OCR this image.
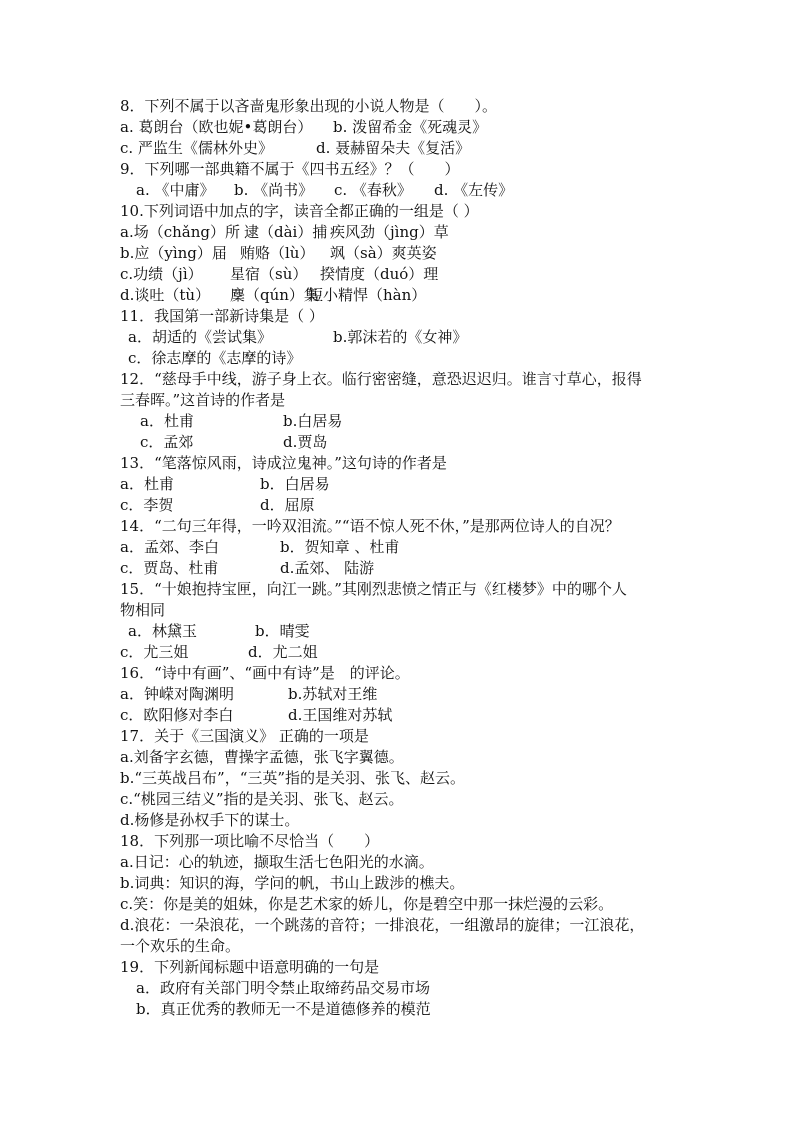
8．下列不属于以吝啬鬼形象出现的小说人物是（　　）。
a. 葛朗台（欧也妮•葛朗台） b. 泼留希金《死魂灵》
c. 严监生《儒林外史》	d. 聂赫留朵夫《复活》
9．下列哪一部典籍不属于《四书五经》？（　　）
a. 《中庸》 b. 《尚书》 c. 《春秋》 d. 《左传》
10.下列词语中加点的字，读音全都正确的一组是（ ）
a.场（chǎng）所 逮（dài）捕 疾风劲（jìng）草
b.应（yìng）届 贿赂（lù） 飒（sà）爽英姿
c.功绩（jì） 星宿（sù） 揆情度（duó）理
d.谈吐（tù） 麇（qún）集
短小精悍（hàn）
11．我国第一部新诗集是（ ）
a．胡适的《尝试集》	b.郭沫若的《女神》
c．徐志摩的《志摩的诗》
12．“慈母手中线，游子身上衣。临行密密缝，意恐迟迟归。谁言寸草心，报得
三春晖。”这首诗的作者是
a．杜甫	b.白居易
c．孟郊	d.贾岛
13．“笔落惊风雨，诗成泣鬼神。”这句诗的作者是
a．杜甫	b．白居易
c．李贺	d．屈原
14．“二句三年得，一吟双泪流。”“语不惊人死不休，”是那两位诗人的自况？
a．孟郊、李白	b．贺知章 、杜甫
c．贾岛、杜甫	d.孟郊、 陆游
15．“十娘抱持宝匣，向江一跳。”其刚烈悲愤之情正与《红楼梦》中的哪个人
物相同
a．林黛玉	b．晴雯
c．尤三姐	d．尤二姐
16．“诗中有画”、“画中有诗”是　的评论。
a．钟嵘对陶渊明	b.苏轼对王维
c．欧阳修对李白	d.王国维对苏轼
17．关于《三国演义》 正确的一项是
a.刘备字玄德，曹操字孟德，张飞字翼德。
b.“三英战吕布”，“三英”指的是关羽、张飞、赵云。
c.“桃园三结义”指的是关羽、张飞、赵云。
d.杨修是孙权手下的谋士。
18．下列那一项比喻不尽恰当（　　）
a.日记：心的轨迹，撷取生活七色阳光的水滴。
b.词典：知识的海，学问的帆，书山上跋涉的樵夫。
c.笑：你是美的姐妹，你是艺术家的娇儿，你是碧空中那一抹烂漫的云彩。
d.浪花：一朵浪花，一个跳荡的音符；一排浪花，一组激昂的旋律；一江浪花，
一个欢乐的生命。
19．下列新闻标题中语意明确的一句是
a．政府有关部门明令禁止取缔药品交易市场
b．真正优秀的教师无一不是道德修养的模范
